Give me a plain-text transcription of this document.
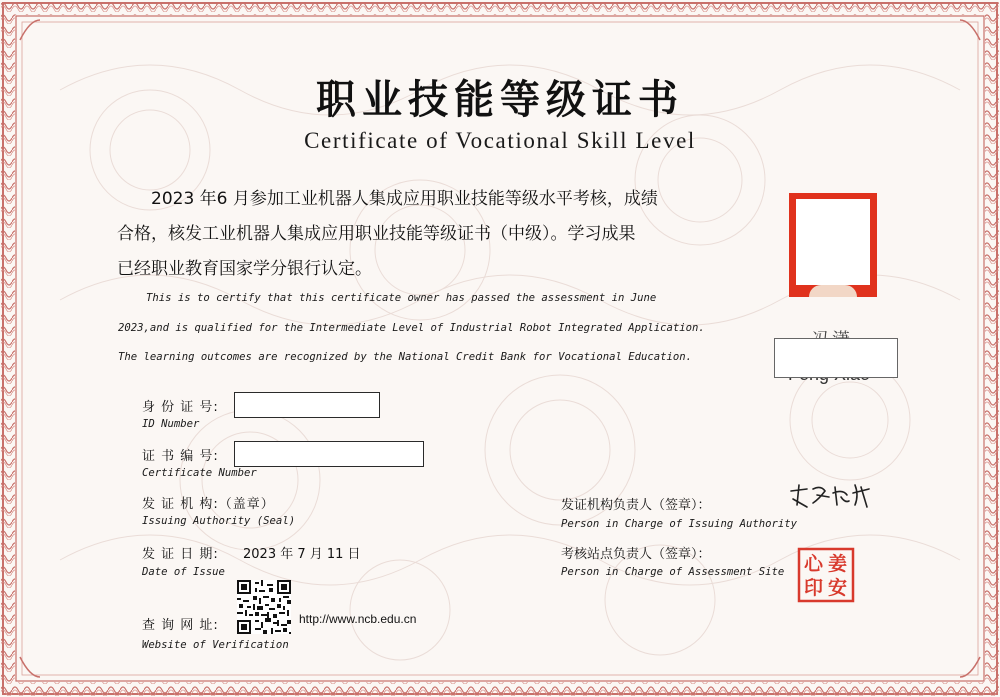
职业技能等级证书
Certificate of Vocational Skill Level
2023 年6 月参加工业机器人集成应用职业技能等级水平考核，成绩
合格，核发工业机器人集成应用职业技能等级证书（中级）。学习成果
已经职业教育国家学分银行认定。
This is to certify that this certificate owner has passed the assessment in June
2023,and is qualified for the Intermediate Level of Industrial Robot Integrated Application.
The learning outcomes are recognized by the National Credit Bank for Vocational Education.
身 份 证 号:
ID Number
证 书 编 号:
Certificate Number
发 证 机 构:（盖章）
Issuing Authority (Seal)
发 证 日 期: 2023 年 7 月 11 日
Date of Issue
查 询 网 址:
Website of Verification
http://www.ncb.edu.cn
发证机构负责人（签章）：
Person in Charge of Issuing Authority
考核站点负责人（签章）：
Person in Charge of Assessment Site 姜
安
心
印
